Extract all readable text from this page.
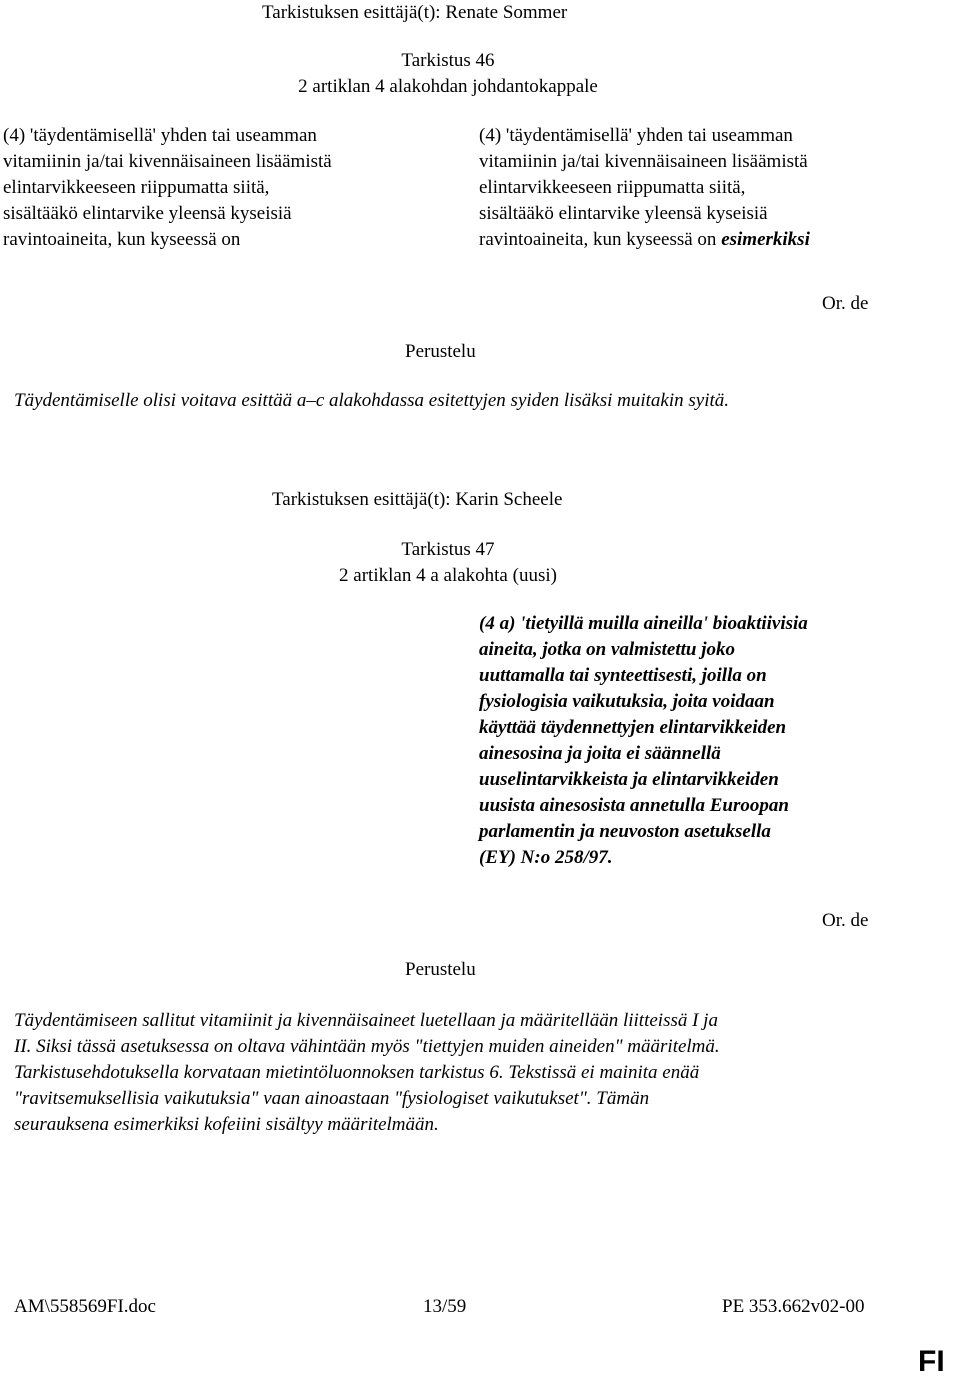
Tarkistuksen esittäjä(t): Renate Sommer
Tarkistus 46
2 artiklan 4 alakohdan johdantokappale
(4) 'täydentämisellä' yhden tai useamman
vitamiinin ja/tai kivennäisaineen lisäämistä
elintarvikkeeseen riippumatta siitä,
sisältääkö elintarvike yleensä kyseisiä
ravintoaineita, kun kyseessä on
(4) 'täydentämisellä' yhden tai useamman
vitamiinin ja/tai kivennäisaineen lisäämistä
elintarvikkeeseen riippumatta siitä,
sisältääkö elintarvike yleensä kyseisiä
ravintoaineita, kun kyseessä on esimerkiksi
Or. de
Perustelu
Täydentämiselle olisi voitava esittää a–c alakohdassa esitettyjen syiden lisäksi muitakin syitä.
Tarkistuksen esittäjä(t): Karin Scheele
Tarkistus 47
2 artiklan 4 a alakohta (uusi)
(4 a) 'tietyillä muilla aineilla' bioaktiivisia
aineita, jotka on valmistettu joko
uuttamalla tai synteettisesti, joilla on
fysiologisia vaikutuksia, joita voidaan
käyttää täydennettyjen elintarvikkeiden
ainesosina ja joita ei säännellä
uuselintarvikkeista ja elintarvikkeiden
uusista ainesosista annetulla Euroopan
parlamentin ja neuvoston asetuksella
(EY) N:o 258/97.
Or. de
Perustelu
Täydentämiseen sallitut vitamiinit ja kivennäisaineet luetellaan ja määritellään liitteissä I ja
II. Siksi tässä asetuksessa on oltava vähintään myös "tiettyjen muiden aineiden" määritelmä.
Tarkistusehdotuksella korvataan mietintöluonnoksen tarkistus 6. Tekstissä ei mainita enää
"ravitsemuksellisia vaikutuksia" vaan ainoastaan "fysiologiset vaikutukset". Tämän
seurauksena esimerkiksi kofeiini sisältyy määritelmään.
AM\558569FI.doc	13/59	PE 353.662v02-00
FI
